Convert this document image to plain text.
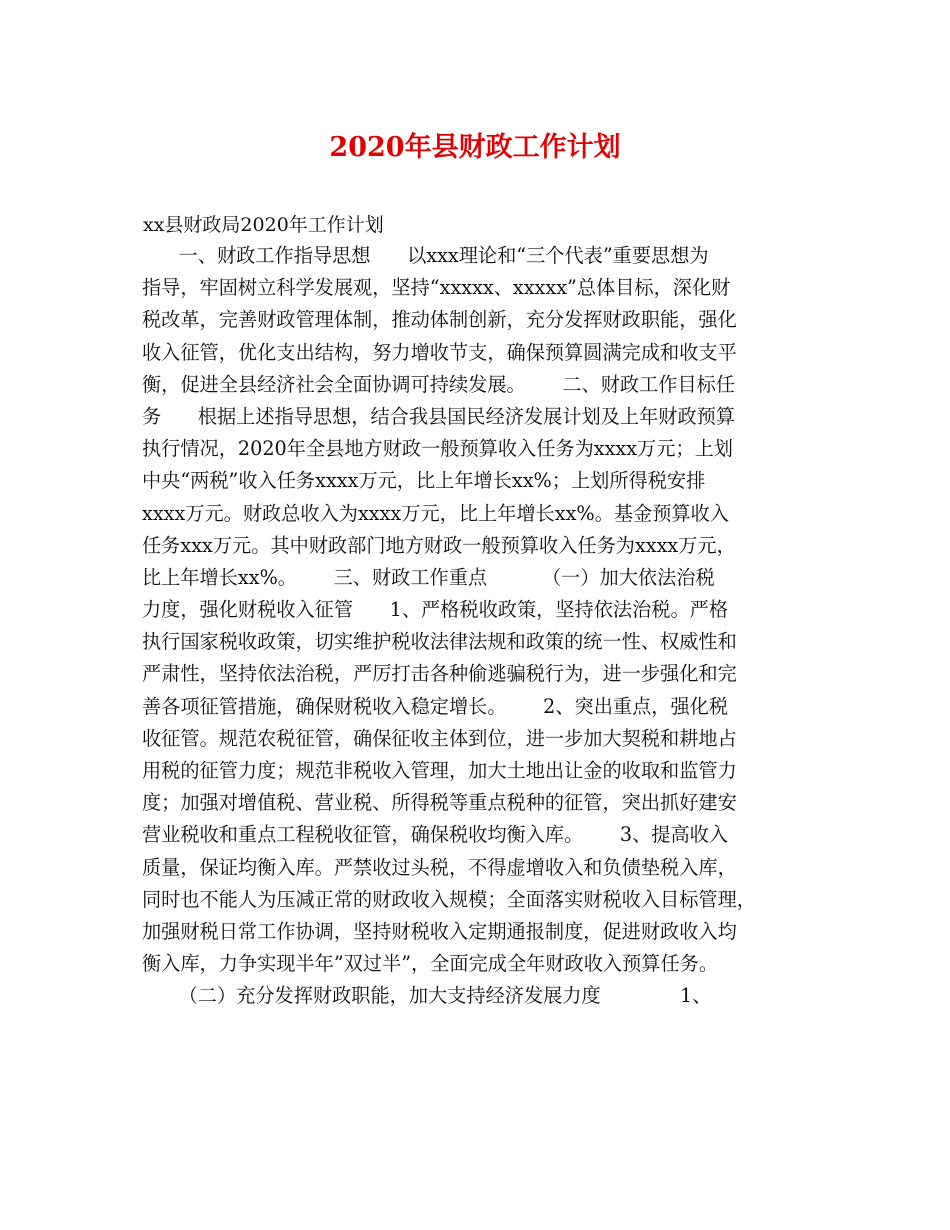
2020年县财政工作计划
xx县财政局2020年工作计划
一、财政工作指导思想      以xxx理论和“三个代表”重要思想为
指导，牢固树立科学发展观，坚持“xxxxx、xxxxx”总体目标，深化财
税改革，完善财政管理体制，推动体制创新，充分发挥财政职能，强化
收入征管，优化支出结构，努力增收节支，确保预算圆满完成和收支平
衡，促进全县经济社会全面协调可持续发展。      二、财政工作目标任
务      根据上述指导思想，结合我县国民经济发展计划及上年财政预算
执行情况，2020年全县地方财政一般预算收入任务为xxxx万元；上划
中央“两税”收入任务xxxx万元，比上年增长xx%；上划所得税安排
xxxx万元。财政总收入为xxxx万元，比上年增长xx%。基金预算收入
任务xxx万元。其中财政部门地方财政一般预算收入任务为xxxx万元，
比上年增长xx%。      三、财政工作重点         （一）加大依法治税
力度，强化财税收入征管      1、严格税收政策，坚持依法治税。严格
执行国家税收政策，切实维护税收法律法规和政策的统一性、权威性和
严肃性，坚持依法治税，严厉打击各种偷逃骗税行为，进一步强化和完
善各项征管措施，确保财税收入稳定增长。      2、突出重点，强化税
收征管。规范农税征管，确保征收主体到位，进一步加大契税和耕地占
用税的征管力度；规范非税收入管理，加大土地出让金的收取和监管力
度；加强对增值税、营业税、所得税等重点税种的征管，突出抓好建安
营业税收和重点工程税收征管，确保税收均衡入库。      3、提高收入
质量，保证均衡入库。严禁收过头税，不得虚增收入和负债垫税入库，
同时也不能人为压减正常的财政收入规模；全面落实财税收入目标管理，
加强财税日常工作协调，坚持财税收入定期通报制度，促进财政收入均
衡入库，力争实现半年”双过半”，全面完成全年财政收入预算任务。
（二）充分发挥财政职能，加大支持经济发展力度             1、
